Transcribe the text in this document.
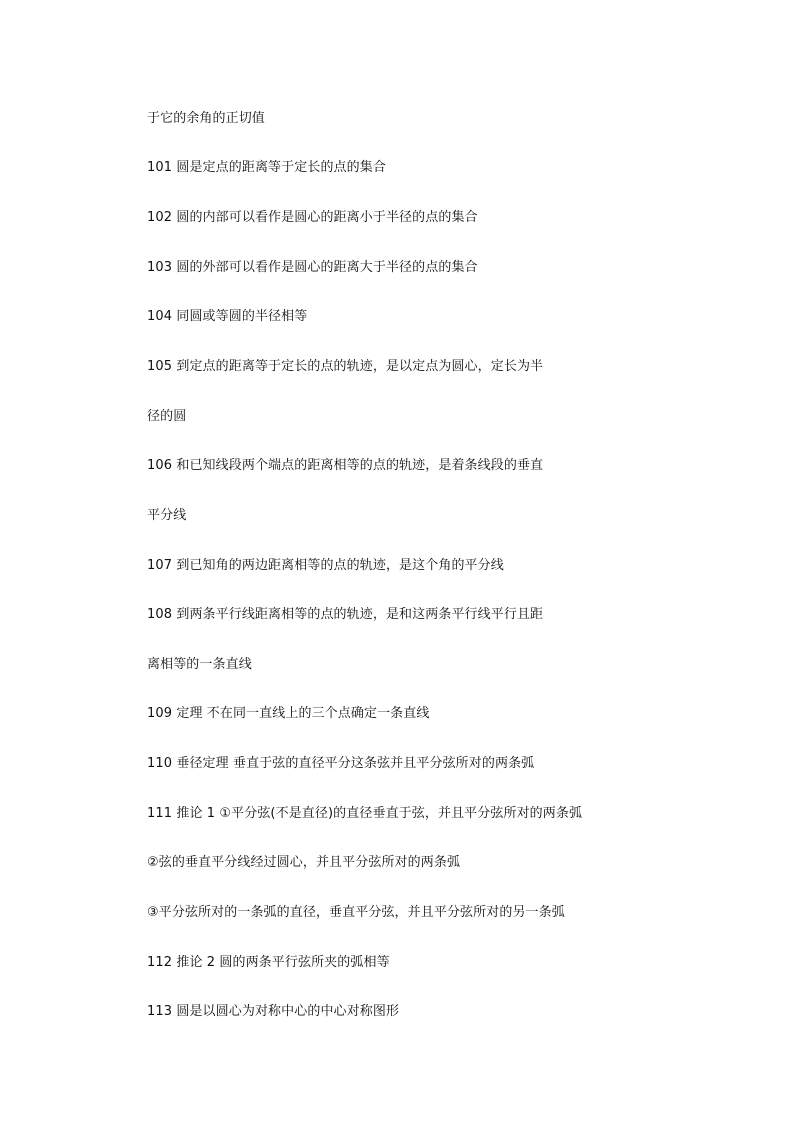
于它的余角的正切值
101 圆是定点的距离等于定长的点的集合
102 圆的内部可以看作是圆心的距离小于半径的点的集合
103 圆的外部可以看作是圆心的距离大于半径的点的集合
104 同圆或等圆的半径相等
105 到定点的距离等于定长的点的轨迹，是以定点为圆心，定长为半
径的圆
106 和已知线段两个端点的距离相等的点的轨迹，是着条线段的垂直
平分线
107 到已知角的两边距离相等的点的轨迹，是这个角的平分线
108 到两条平行线距离相等的点的轨迹，是和这两条平行线平行且距
离相等的一条直线
109 定理 不在同一直线上的三个点确定一条直线
110 垂径定理 垂直于弦的直径平分这条弦并且平分弦所对的两条弧
111 推论 1 ①平分弦(不是直径)的直径垂直于弦，并且平分弦所对的两条弧
②弦的垂直平分线经过圆心，并且平分弦所对的两条弧
③平分弦所对的一条弧的直径，垂直平分弦，并且平分弦所对的另一条弧
112 推论 2 圆的两条平行弦所夹的弧相等
113 圆是以圆心为对称中心的中心对称图形
